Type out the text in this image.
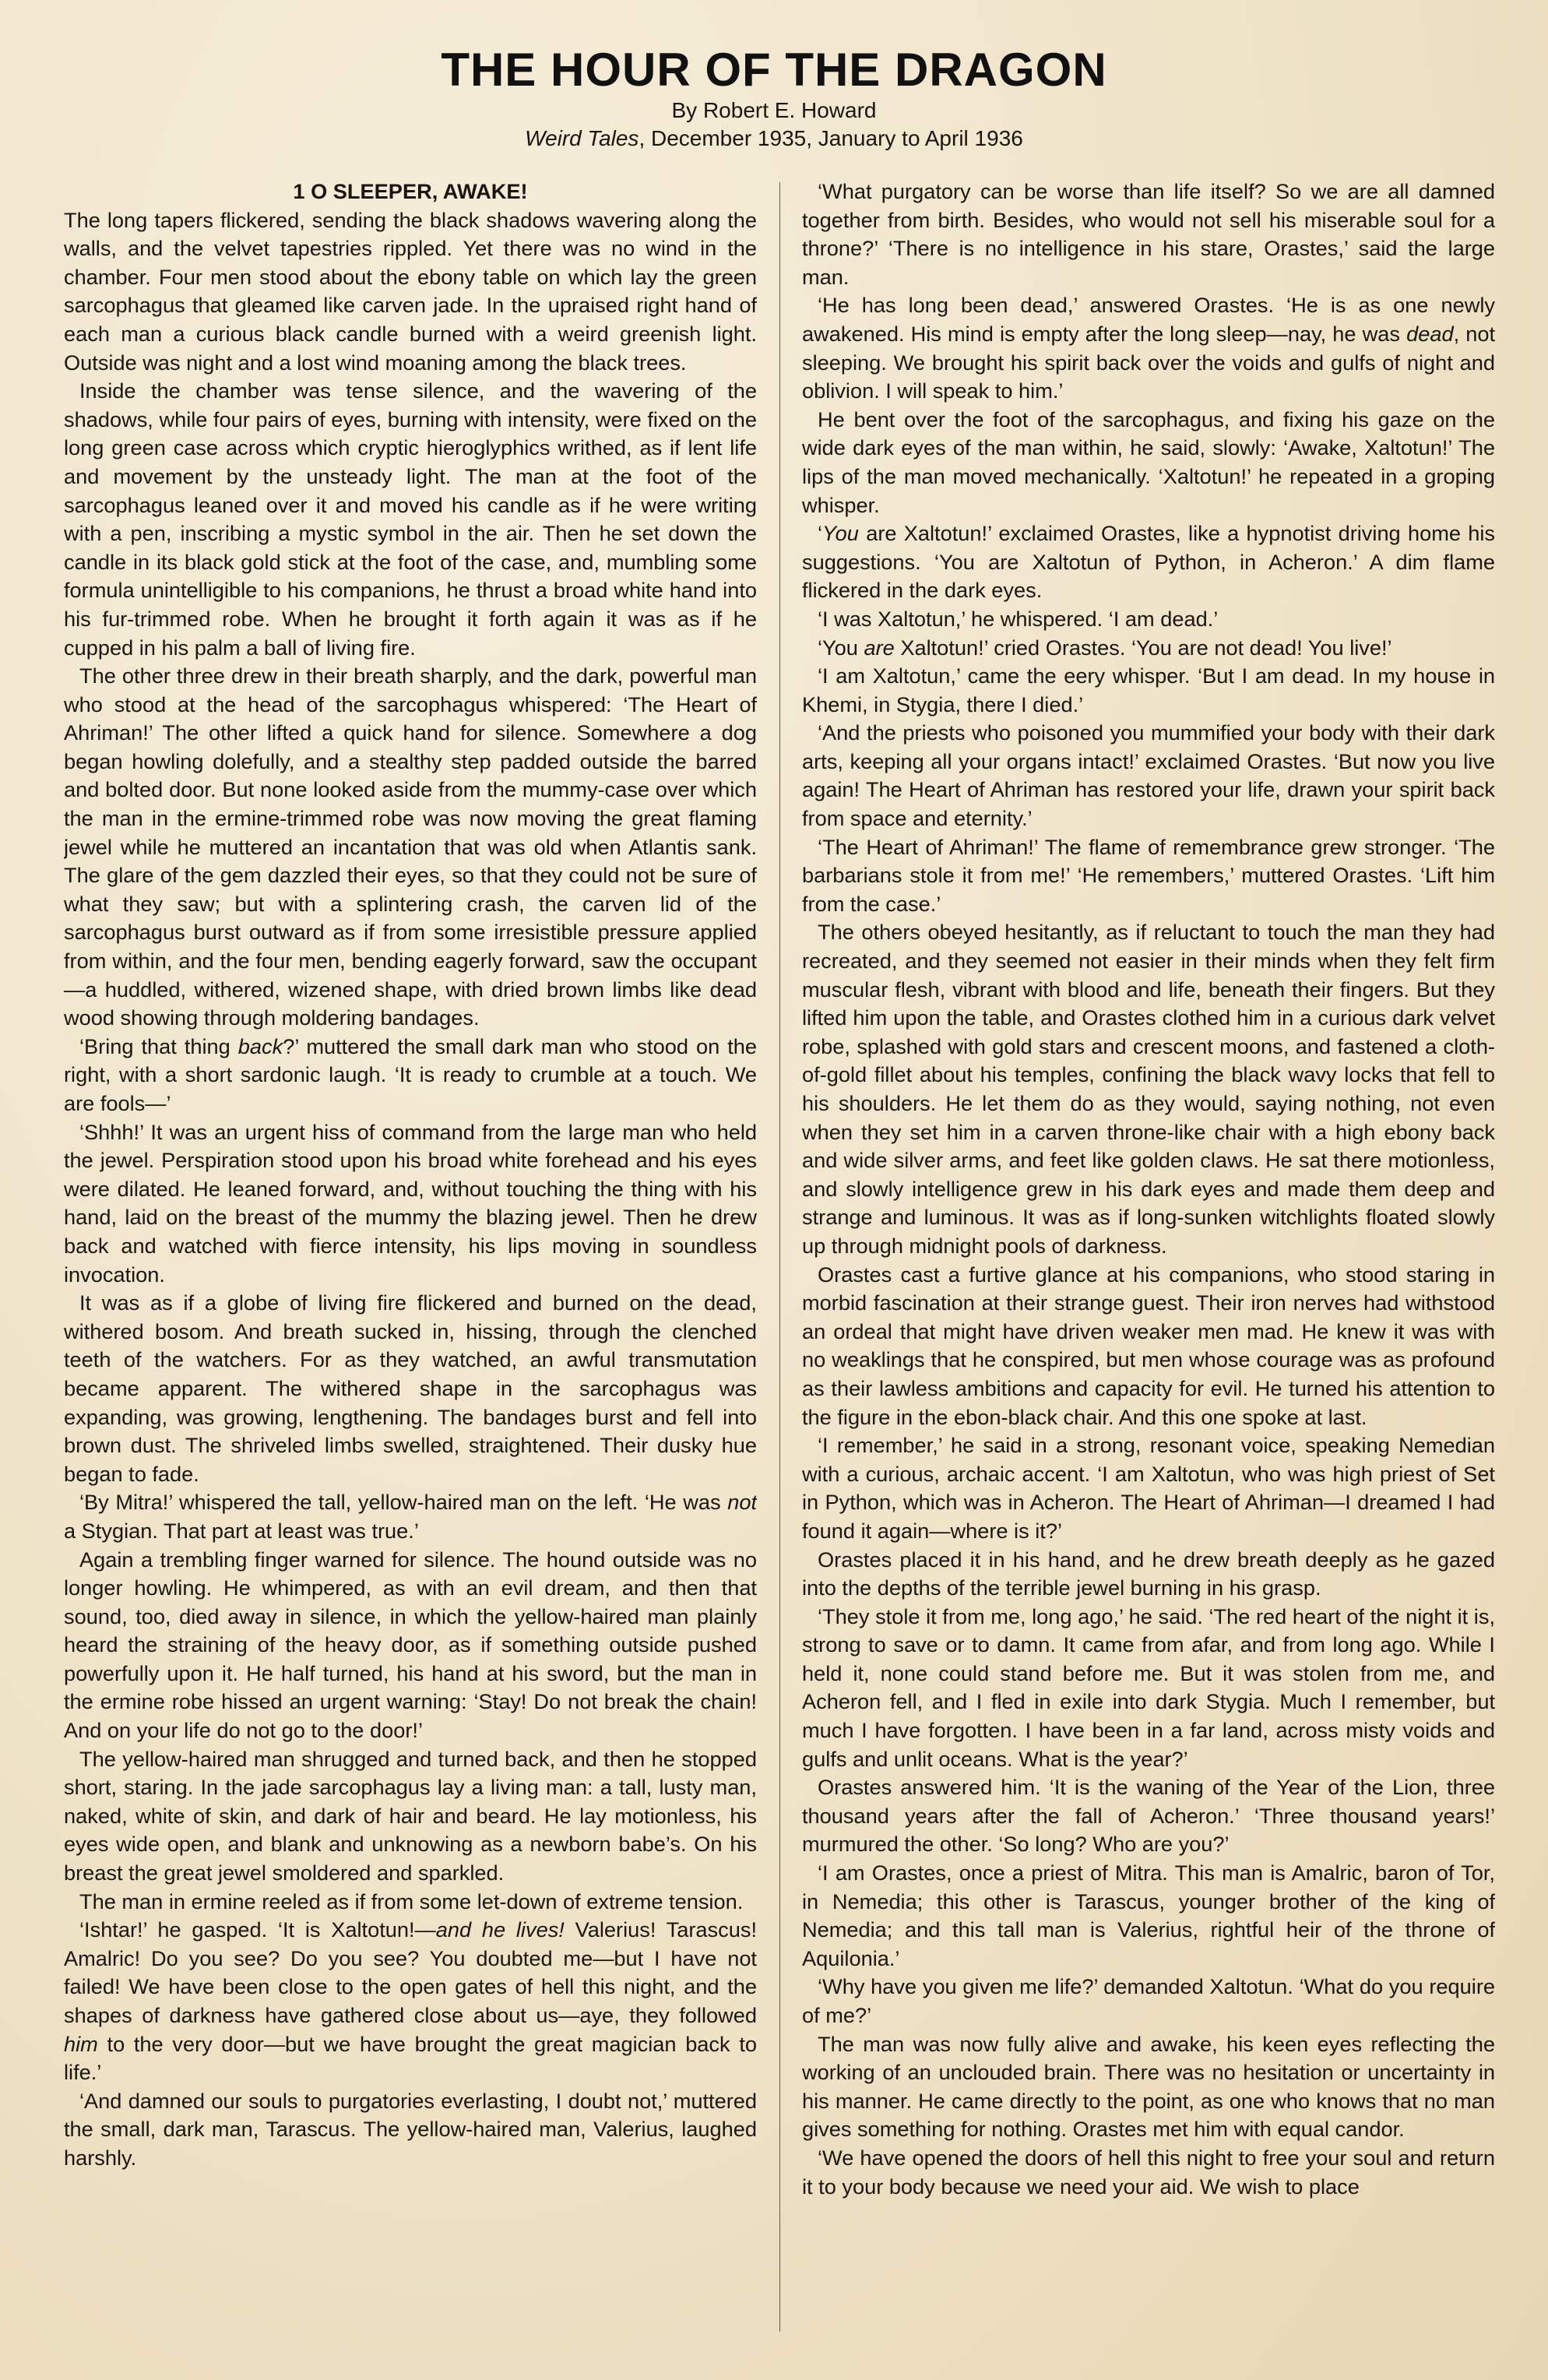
THE HOUR OF THE DRAGON
By Robert E. Howard
Weird Tales, December 1935, January to April 1936
1 O SLEEPER, AWAKE!

The long tapers flickered, sending the black shadows wavering along the walls, and the velvet tapestries rippled. Yet there was no wind in the chamber. Four men stood about the ebony table on which lay the green sarcophagus that gleamed like carven jade. In the upraised right hand of each man a curious black candle burned with a weird greenish light. Outside was night and a lost wind moaning among the black trees.

Inside the chamber was tense silence, and the wavering of the shadows, while four pairs of eyes, burning with intensity, were fixed on the long green case across which cryptic hieroglyphics writhed, as if lent life and movement by the unsteady light. The man at the foot of the sarcophagus leaned over it and moved his candle as if he were writing with a pen, inscribing a mystic symbol in the air. Then he set down the candle in its black gold stick at the foot of the case, and, mumbling some formula unintelligible to his companions, he thrust a broad white hand into his fur-trimmed robe. When he brought it forth again it was as if he cupped in his palm a ball of living fire.

The other three drew in their breath sharply, and the dark, powerful man who stood at the head of the sarcophagus whispered: ‘The Heart of Ahriman!’ The other lifted a quick hand for silence. Somewhere a dog began howling dolefully, and a stealthy step padded outside the barred and bolted door. But none looked aside from the mummy-case over which the man in the ermine-trimmed robe was now moving the great flaming jewel while he muttered an incantation that was old when Atlantis sank. The glare of the gem dazzled their eyes, so that they could not be sure of what they saw; but with a splintering crash, the carven lid of the sarcophagus burst outward as if from some irresistible pressure applied from within, and the four men, bending eagerly forward, saw the occupant—a huddled, withered, wizened shape, with dried brown limbs like dead wood showing through moldering bandages.

‘Bring that thing back?’ muttered the small dark man who stood on the right, with a short sardonic laugh. ‘It is ready to crumble at a touch. We are fools—’

‘Shhh!’ It was an urgent hiss of command from the large man who held the jewel. Perspiration stood upon his broad white forehead and his eyes were dilated. He leaned forward, and, without touching the thing with his hand, laid on the breast of the mummy the blazing jewel. Then he drew back and watched with fierce intensity, his lips moving in soundless invocation.

It was as if a globe of living fire flickered and burned on the dead, withered bosom. And breath sucked in, hissing, through the clenched teeth of the watchers. For as they watched, an awful transmutation became apparent. The withered shape in the sarcophagus was expanding, was growing, lengthening. The bandages burst and fell into brown dust. The shriveled limbs swelled, straightened. Their dusky hue began to fade.

‘By Mitra!’ whispered the tall, yellow-haired man on the left. ‘He was not a Stygian. That part at least was true.’

Again a trembling finger warned for silence. The hound outside was no longer howling. He whimpered, as with an evil dream, and then that sound, too, died away in silence, in which the yellow-haired man plainly heard the straining of the heavy door, as if something outside pushed powerfully upon it. He half turned, his hand at his sword, but the man in the ermine robe hissed an urgent warning: ‘Stay! Do not break the chain! And on your life do not go to the door!’

The yellow-haired man shrugged and turned back, and then he stopped short, staring. In the jade sarcophagus lay a living man: a tall, lusty man, naked, white of skin, and dark of hair and beard. He lay motionless, his eyes wide open, and blank and unknowing as a newborn babe’s. On his breast the great jewel smoldered and sparkled.

The man in ermine reeled as if from some let-down of extreme tension.

‘Ishtar!’ he gasped. ‘It is Xaltotun!—and he lives! Valerius! Tarascus! Amalric! Do you see? Do you see? You doubted me—but I have not failed! We have been close to the open gates of hell this night, and the shapes of darkness have gathered close about us—aye, they followed him to the very door—but we have brought the great magician back to life.’

‘And damned our souls to purgatories everlasting, I doubt not,’ muttered the small, dark man, Tarascus. The yellow-haired man, Valerius, laughed harshly.

‘What purgatory can be worse than life itself? So we are all damned together from birth. Besides, who would not sell his miserable soul for a throne?’ ‘There is no intelligence in his stare, Orastes,’ said the large man.

‘He has long been dead,’ answered Orastes. ‘He is as one newly awakened. His mind is empty after the long sleep—nay, he was dead, not sleeping. We brought his spirit back over the voids and gulfs of night and oblivion. I will speak to him.’

He bent over the foot of the sarcophagus, and fixing his gaze on the wide dark eyes of the man within, he said, slowly: ‘Awake, Xaltotun!’ The lips of the man moved mechanically. ‘Xaltotun!’ he repeated in a groping whisper.

‘You are Xaltotun!’ exclaimed Orastes, like a hypnotist driving home his suggestions. ‘You are Xaltotun of Python, in Acheron.’ A dim flame flickered in the dark eyes.

‘I was Xaltotun,’ he whispered. ‘I am dead.’

‘You are Xaltotun!’ cried Orastes. ‘You are not dead! You live!’

‘I am Xaltotun,’ came the eery whisper. ‘But I am dead. In my house in Khemi, in Stygia, there I died.’

‘And the priests who poisoned you mummified your body with their dark arts, keeping all your organs intact!’ exclaimed Orastes. ‘But now you live again! The Heart of Ahriman has restored your life, drawn your spirit back from space and eternity.’

‘The Heart of Ahriman!’ The flame of remembrance grew stronger. ‘The barbarians stole it from me!’ ‘He remembers,’ muttered Orastes. ‘Lift him from the case.’

The others obeyed hesitantly, as if reluctant to touch the man they had recreated, and they seemed not easier in their minds when they felt firm muscular flesh, vibrant with blood and life, beneath their fingers. But they lifted him upon the table, and Orastes clothed him in a curious dark velvet robe, splashed with gold stars and crescent moons, and fastened a cloth-of-gold fillet about his temples, confining the black wavy locks that fell to his shoulders. He let them do as they would, saying nothing, not even when they set him in a carven throne-like chair with a high ebony back and wide silver arms, and feet like golden claws. He sat there motionless, and slowly intelligence grew in his dark eyes and made them deep and strange and luminous. It was as if long-sunken witchlights floated slowly up through midnight pools of darkness.

Orastes cast a furtive glance at his companions, who stood staring in morbid fascination at their strange guest. Their iron nerves had withstood an ordeal that might have driven weaker men mad. He knew it was with no weaklings that he conspired, but men whose courage was as profound as their lawless ambitions and capacity for evil. He turned his attention to the figure in the ebon-black chair. And this one spoke at last.

‘I remember,’ he said in a strong, resonant voice, speaking Nemedian with a curious, archaic accent. ‘I am Xaltotun, who was high priest of Set in Python, which was in Acheron. The Heart of Ahriman—I dreamed I had found it again—where is it?’

Orastes placed it in his hand, and he drew breath deeply as he gazed into the depths of the terrible jewel burning in his grasp.

‘They stole it from me, long ago,’ he said. ‘The red heart of the night it is, strong to save or to damn. It came from afar, and from long ago. While I held it, none could stand before me. But it was stolen from me, and Acheron fell, and I fled in exile into dark Stygia. Much I remember, but much I have forgotten. I have been in a far land, across misty voids and gulfs and unlit oceans. What is the year?’

Orastes answered him. ‘It is the waning of the Year of the Lion, three thousand years after the fall of Acheron.’ ‘Three thousand years!’ murmured the other. ‘So long? Who are you?’

‘I am Orastes, once a priest of Mitra. This man is Amalric, baron of Tor, in Nemedia; this other is Tarascus, younger brother of the king of Nemedia; and this tall man is Valerius, rightful heir of the throne of Aquilonia.’

‘Why have you given me life?’ demanded Xaltotun. ‘What do you require of me?’

The man was now fully alive and awake, his keen eyes reflecting the working of an unclouded brain. There was no hesitation or uncertainty in his manner. He came directly to the point, as one who knows that no man gives something for nothing. Orastes met him with equal candor.

‘We have opened the doors of hell this night to free your soul and return it to your body because we need your aid. We wish to place
